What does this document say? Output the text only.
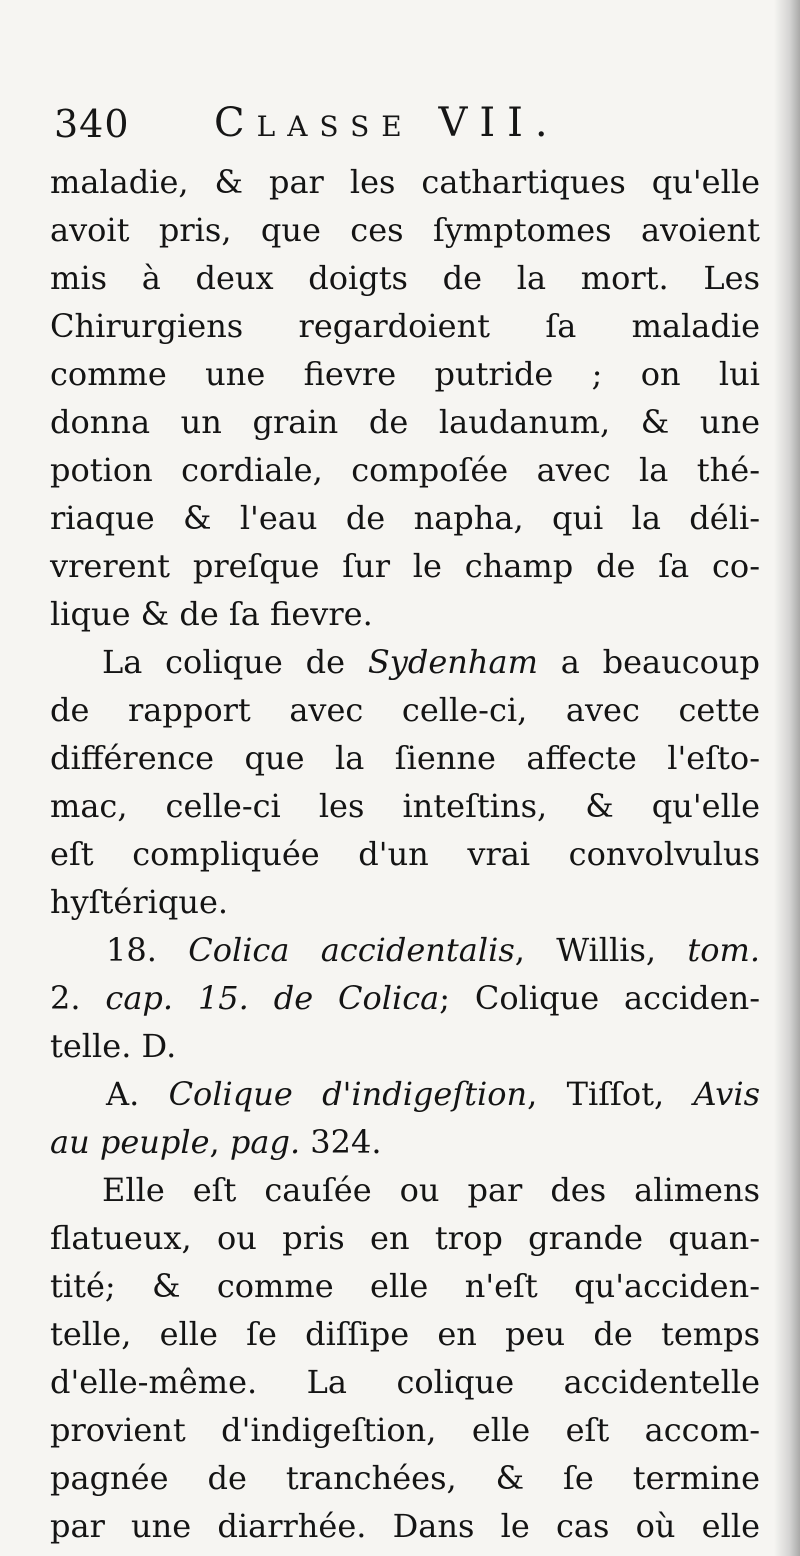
340 Classe VII.
maladie, & par les cathartiques qu'elle
avoit pris, que ces ſymptomes avoient
mis à deux doigts de la mort. Les
Chirurgiens regardoient ſa maladie
comme une fievre putride ; on lui
donna un grain de laudanum, & une
potion cordiale, compoſée avec la thé-
riaque & l'eau de napha, qui la déli-
vrerent preſque ſur le champ de ſa co-
lique & de ſa fievre.
La colique de Sydenham a beaucoup
de rapport avec celle-ci, avec cette
différence que la ſienne affecte l'eſto-
mac, celle-ci les inteſtins, & qu'elle
eſt compliquée d'un vrai convolvulus
hyſtérique.
18. Colica accidentalis, Willis, tom.
2. cap. 15. de Colica; Colique acciden-
telle. D.
A. Colique d'indigeſtion, Tiſſot, Avis
au peuple, pag. 324.
Elle eſt cauſée ou par des alimens
flatueux, ou pris en trop grande quan-
tité; & comme elle n'eſt qu'acciden-
telle, elle ſe diſſipe en peu de temps
d'elle-même. La colique accidentelle
provient d'indigeſtion, elle eſt accom-
pagnée de tranchées, & ſe termine
par une diarrhée. Dans le cas où elle
